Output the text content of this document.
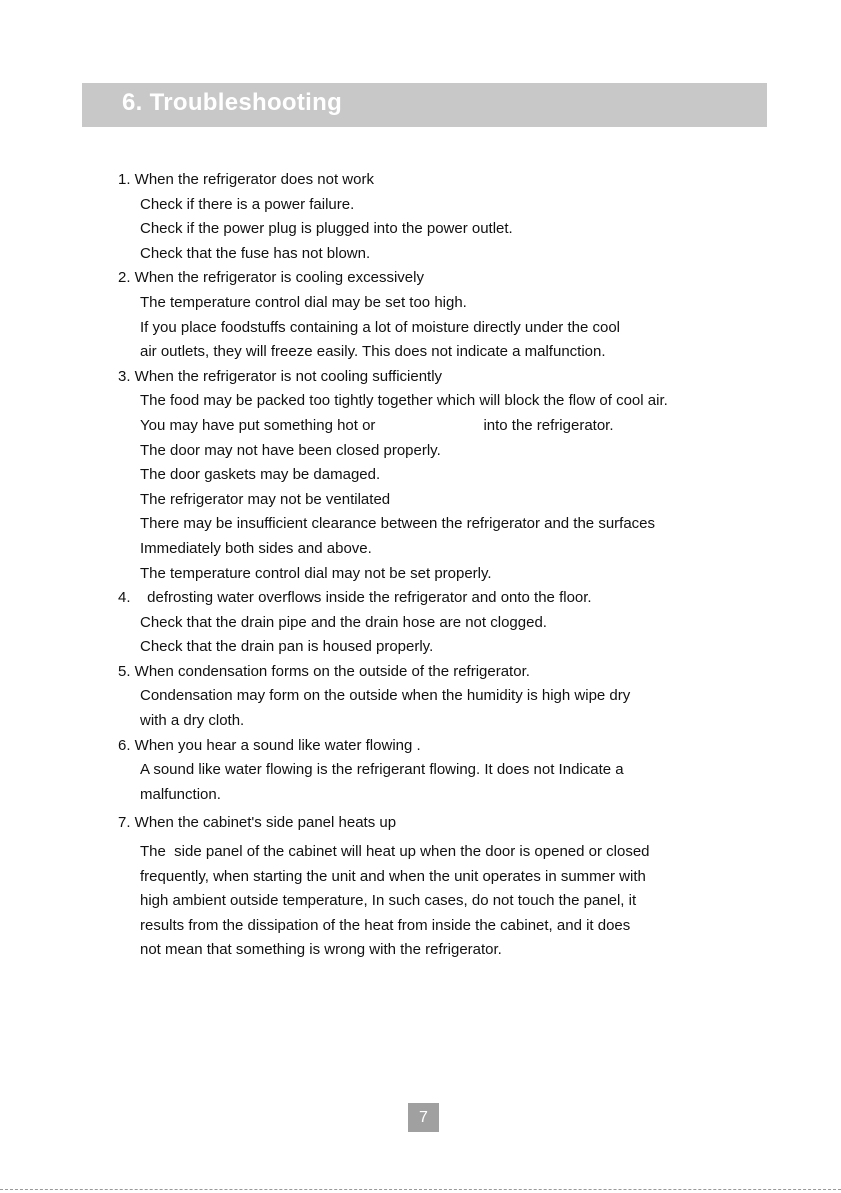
6. Troubleshooting
1. When the refrigerator does not work
Check if there is a power failure.
Check if the power plug is plugged into the power outlet.
Check that the fuse has not blown.
2. When the refrigerator is cooling excessively
The temperature control dial may be set too high.
If you place foodstuffs containing a lot of moisture directly under the cool
air outlets, they will freeze easily. This does not indicate a malfunction.
3. When the refrigerator is not cooling sufficiently
The food may be packed too tightly together which will block the flow of cool air.
You may have put something hot or	into the refrigerator.
The door may not have been closed properly.
The door gaskets may be damaged.
The refrigerator may not be ventilated
There may be insufficient clearance between the refrigerator and the surfaces
Immediately both sides and above.
The temperature control dial may not be set properly.
4.    defrosting water overflows inside the refrigerator and onto the floor.
Check that the drain pipe and the drain hose are not clogged.
Check that the drain pan is housed properly.
5. When condensation forms on the outside of the refrigerator.
Condensation may form on the outside when the humidity is high wipe dry
with a dry cloth.
6. When you hear a sound like water flowing .
A sound like water flowing is the refrigerant flowing. It does not Indicate a
malfunction.
7. When the cabinet's side panel heats up
The  side panel of the cabinet will heat up when the door is opened or closed
frequently, when starting the unit and when the unit operates in summer with
high ambient outside temperature, In such cases, do not touch the panel, it
results from the dissipation of the heat from inside the cabinet, and it does
not mean that something is wrong with the refrigerator.
7
